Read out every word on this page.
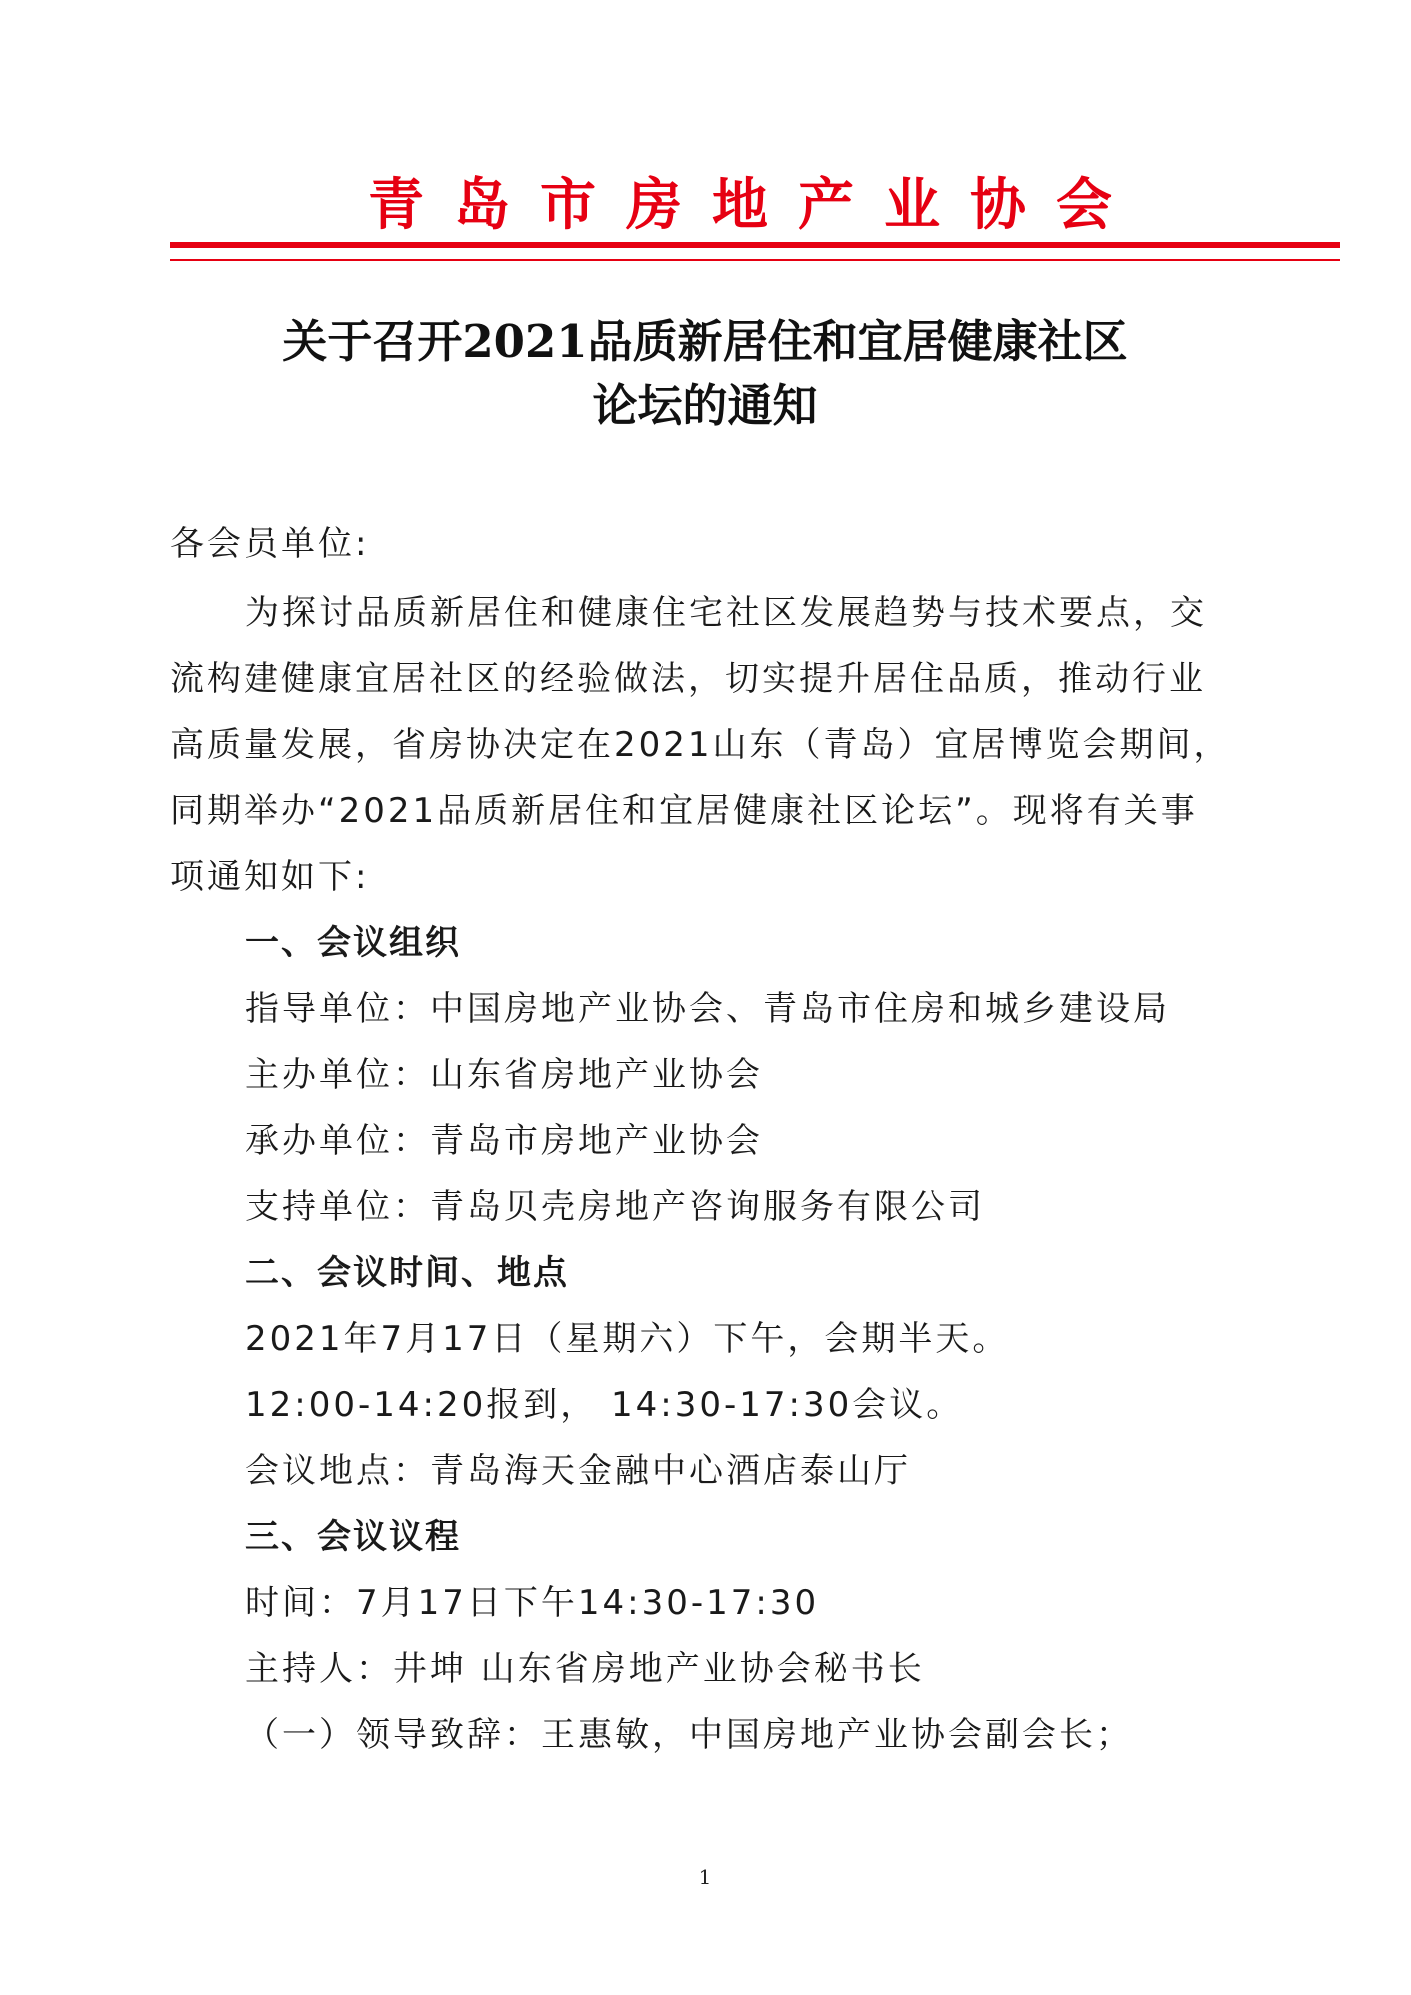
青岛市房地产业协会
关于召开2021品质新居住和宜居健康社区
论坛的通知
各会员单位:
为探讨品质新居住和健康住宅社区发展趋势与技术要点，交
流构建健康宜居社区的经验做法，切实提升居住品质，推动行业
高质量发展，省房协决定在2021山东（青岛）宜居博览会期间，
同期举办“2021品质新居住和宜居健康社区论坛”。现将有关事
项通知如下:
一、会议组织
指导单位：中国房地产业协会、青岛市住房和城乡建设局
主办单位：山东省房地产业协会
承办单位：青岛市房地产业协会
支持单位：青岛贝壳房地产咨询服务有限公司
二、会议时间、地点
2021年7月17日（星期六）下午，会期半天。
12:00-14:20报到， 14:30-17:30会议。
会议地点：青岛海天金融中心酒店泰山厅
三、会议议程
时间：7月17日下午14:30-17:30
主持人：井坤 山东省房地产业协会秘书长
（一）领导致辞：王惠敏，中国房地产业协会副会长；
1
